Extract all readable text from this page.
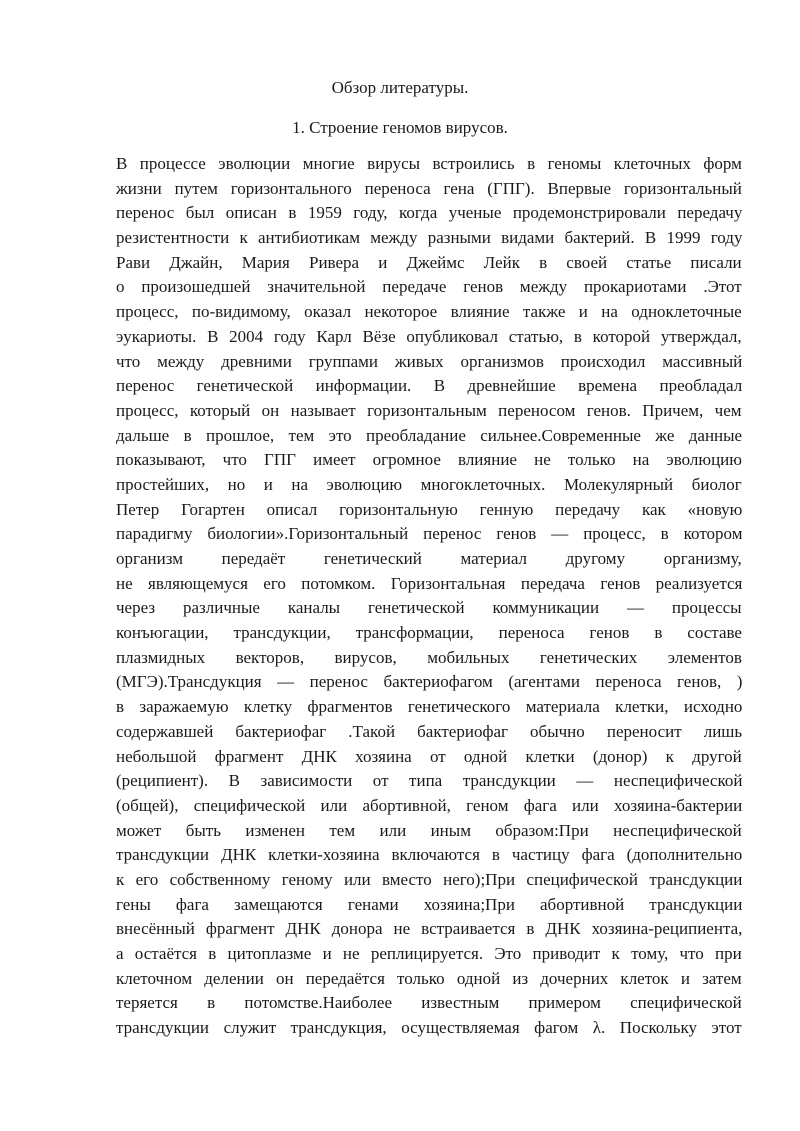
Обзор литературы.

1. Строение геномов вирусов.

В процессе эволюции многие вирусы встроились в геномы клеточных форм
жизни путем горизонтального переноса гена (ГПГ). Впервые горизонтальный
перенос был описан в 1959 году, когда ученые продемонстрировали передачу
резистентности к антибиотикам между разными видами бактерий. В 1999 году
Рави Джайн, Мария Ривера и Джеймс Лейк в своей статье писали
о произошедшей значительной передаче генов между прокариотами .Этот
процесс, по-видимому, оказал некоторое влияние также и на одноклеточные
эукариоты. В 2004 году Карл Вёзе опубликовал статью, в которой утверждал,
что между древними группами живых организмов происходил массивный
перенос генетической информации. В древнейшие времена преобладал
процесс, который он называет горизонтальным переносом генов. Причем, чем
дальше в прошлое, тем это преобладание сильнее.Современные же данные
показывают, что ГПГ имеет огромное влияние не только на эволюцию
простейших, но и на эволюцию многоклеточных. Молекулярный биолог
Петер Гогартен описал горизонтальную генную передачу как «новую
парадигму биологии».Горизонтальный перенос генов — процесс, в котором
организм передаёт генетический материал другому организму,
не являющемуся его потомком. Горизонтальная передача генов реализуется
через различные каналы генетической коммуникации — процессы
конъюгации, трансдукции, трансформации, переноса генов в составе
плазмидных векторов, вирусов, мобильных генетических элементов
(МГЭ).Трансдукция — перенос бактериофагом (агентами переноса генов, )
в заражаемую клетку фрагментов генетического материала клетки, исходно
содержавшей бактериофаг .Такой бактериофаг обычно переносит лишь
небольшой фрагмент ДНК хозяина от одной клетки (донор) к другой
(реципиент). В зависимости от типа трансдукции — неспецифической
(общей), специфической или абортивной, геном фага или хозяина-бактерии
может быть изменен тем или иным образом:При неспецифической
трансдукции ДНК клетки-хозяина включаются в частицу фага (дополнительно
к его собственному геному или вместо него);При специфической трансдукции
гены фага замещаются генами хозяина;При абортивной трансдукции
внесённый фрагмент ДНК донора не встраивается в ДНК хозяина-реципиента,
а остаётся в цитоплазме и не реплицируется. Это приводит к тому, что при
клеточном делении он передаётся только одной из дочерних клеток и затем
теряется в потомстве.Наиболее известным примером специфической
трансдукции служит трансдукция, осуществляемая фагом λ. Поскольку этот
